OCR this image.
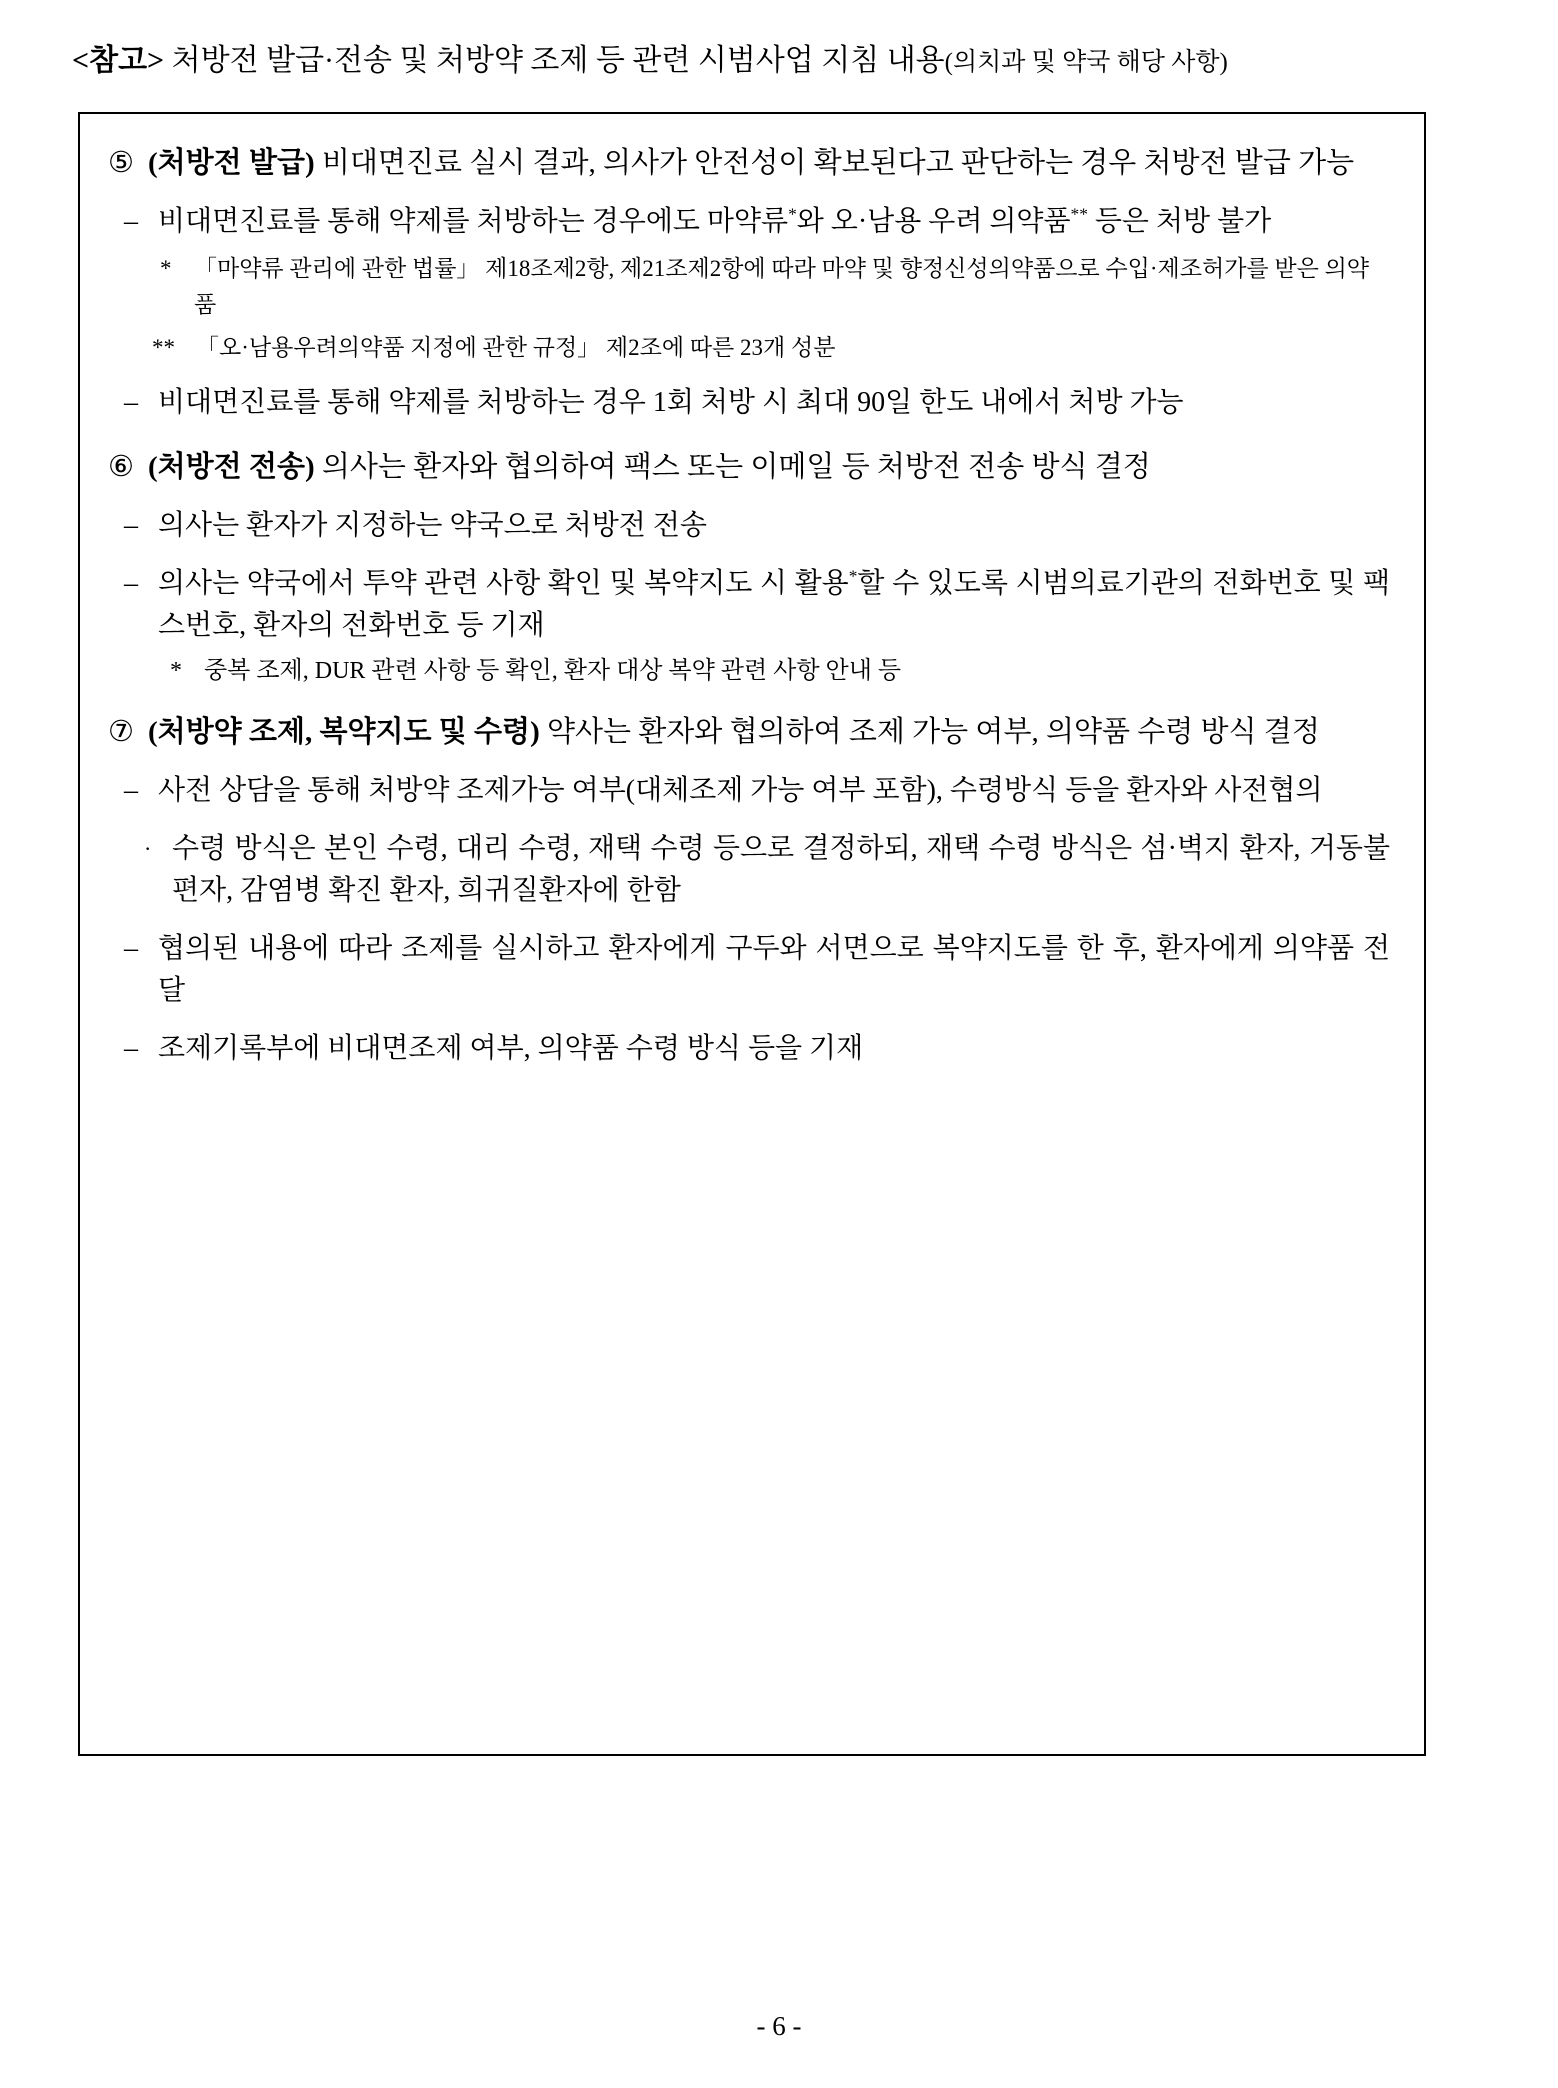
<참고> 처방전 발급·전송 및 처방약 조제 등 관련 시범사업 지침 내용(의치과 및 약국 해당 사항)
⑤ (처방전 발급) 비대면진료 실시 결과, 의사가 안전성이 확보된다고 판단하는 경우 처방전 발급 가능
– 비대면진료를 통해 약제를 처방하는 경우에도 마약류*와 오·남용 우려 의약품** 등은 처방 불가
* 「마약류 관리에 관한 법률」 제18조제2항, 제21조제2항에 따라 마약 및 향정신성의약품으로 수입·제조허가를 받은 의약품
** 「오·남용우려의약품 지정에 관한 규정」 제2조에 따른 23개 성분
– 비대면진료를 통해 약제를 처방하는 경우 1회 처방 시 최대 90일 한도 내에서 처방 가능
⑥ (처방전 전송) 의사는 환자와 협의하여 팩스 또는 이메일 등 처방전 전송 방식 결정
– 의사는 환자가 지정하는 약국으로 처방전 전송
– 의사는 약국에서 투약 관련 사항 확인 및 복약지도 시 활용*할 수 있도록 시범의료기관의 전화번호 및 팩스번호, 환자의 전화번호 등 기재
* 중복 조제, DUR 관련 사항 등 확인, 환자 대상 복약 관련 사항 안내 등
⑦ (처방약 조제, 복약지도 및 수령) 약사는 환자와 협의하여 조제 가능 여부, 의약품 수령 방식 결정
– 사전 상담을 통해 처방약 조제가능 여부(대체조제 가능 여부 포함), 수령방식 등을 환자와 사전협의
· 수령 방식은 본인 수령, 대리 수령, 재택 수령 등으로 결정하되, 재택 수령 방식은 섬·벽지 환자, 거동불편자, 감염병 확진 환자, 희귀질환자에 한함
– 협의된 내용에 따라 조제를 실시하고 환자에게 구두와 서면으로 복약지도를 한 후, 환자에게 의약품 전달
– 조제기록부에 비대면조제 여부, 의약품 수령 방식 등을 기재
- 6 -
